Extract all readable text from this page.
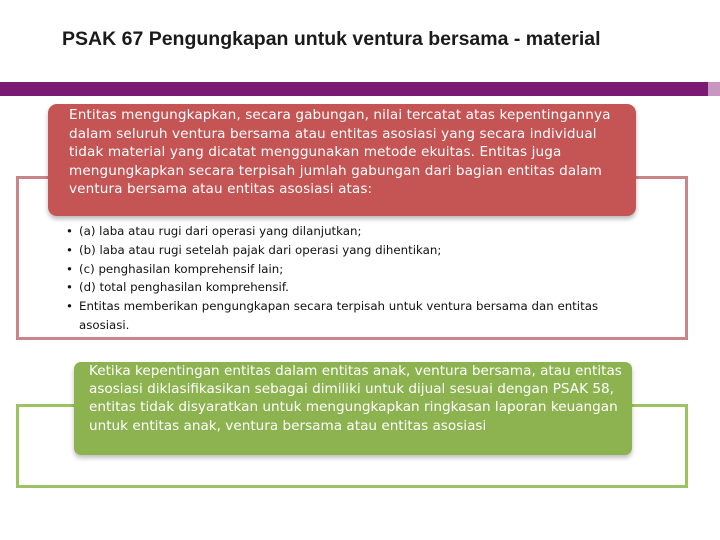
PSAK 67 Pengungkapan untuk ventura bersama - material
Entitas mengungkapkan, secara gabungan, nilai tercatat atas kepentingannya dalam seluruh ventura bersama atau entitas asosiasi yang secara individual tidak material yang dicatat menggunakan metode ekuitas. Entitas juga mengungkapkan secara terpisah jumlah gabungan dari bagian entitas dalam ventura bersama atau entitas asosiasi atas:
• (a) laba atau rugi dari operasi yang dilanjutkan;
• (b) laba atau rugi setelah pajak dari operasi yang dihentikan;
• (c) penghasilan komprehensif lain;
• (d) total penghasilan komprehensif.
• Entitas memberikan pengungkapan secara terpisah untuk ventura bersama dan entitas asosiasi.
Ketika kepentingan entitas dalam entitas anak, ventura bersama, atau entitas asosiasi diklasifikasikan sebagai dimiliki untuk dijual sesuai dengan PSAK 58, entitas tidak disyaratkan untuk mengungkapkan ringkasan laporan keuangan untuk entitas anak, ventura bersama atau entitas asosiasi
